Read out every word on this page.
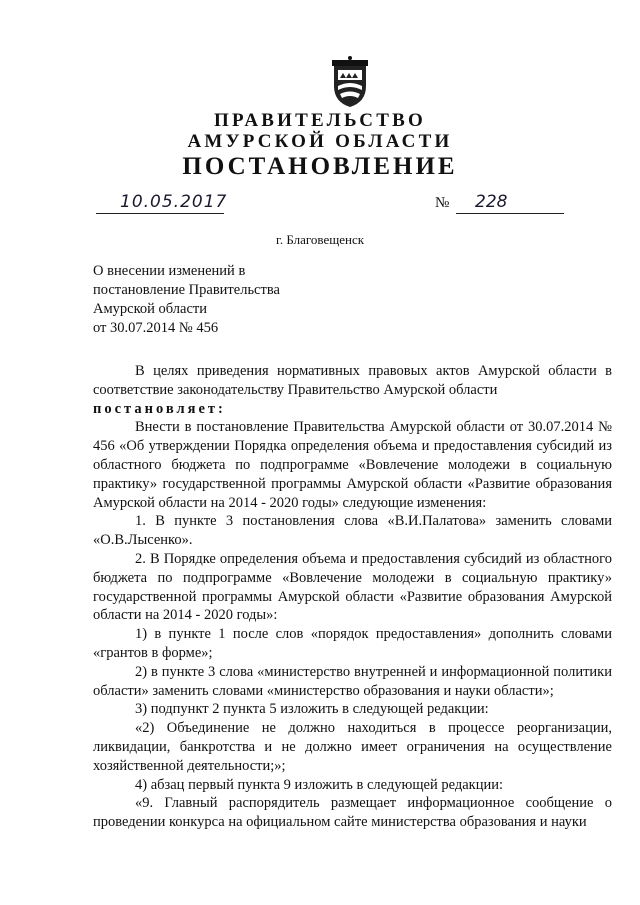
ПРАВИТЕЛЬСТВО
АМУРСКОЙ ОБЛАСТИ
ПОСТАНОВЛЕНИЕ
10.05.2017	№ 228
г. Благовещенск
О внесении изменений в
постановление Правительства
Амурской области
от 30.07.2014 № 456

В целях приведения нормативных правовых актов Амурской области в соответствие законодательству Правительство Амурской области

постановляет:

Внести в постановление Правительства Амурской области от 30.07.2014 № 456 «Об утверждении Порядка определения объема и предоставления субсидий из областного бюджета по подпрограмме «Вовлечение молодежи в социальную практику» государственной программы Амурской области «Развитие образования Амурской области на 2014 - 2020 годы» следующие изменения:

1. В пункте 3 постановления слова «В.И.Палатова» заменить словами «О.В.Лысенко».

2. В Порядке определения объема и предоставления субсидий из областного бюджета по подпрограмме «Вовлечение молодежи в социальную практику» государственной программы Амурской области «Развитие образования Амурской области на 2014 - 2020 годы»:

1) в пункте 1 после слов «порядок предоставления» дополнить словами «грантов в форме»;

2) в пункте 3 слова «министерство внутренней и информационной политики области» заменить словами «министерство образования и науки области»;

3) подпункт 2 пункта 5 изложить в следующей редакции:

«2) Объединение не должно находиться в процессе реорганизации, ликвидации, банкротства и не должно имеет ограничения на осуществление хозяйственной деятельности;»;

4) абзац первый пункта 9 изложить в следующей редакции:

«9. Главный распорядитель размещает информационное сообщение о проведении конкурса на официальном сайте министерства образования и науки
